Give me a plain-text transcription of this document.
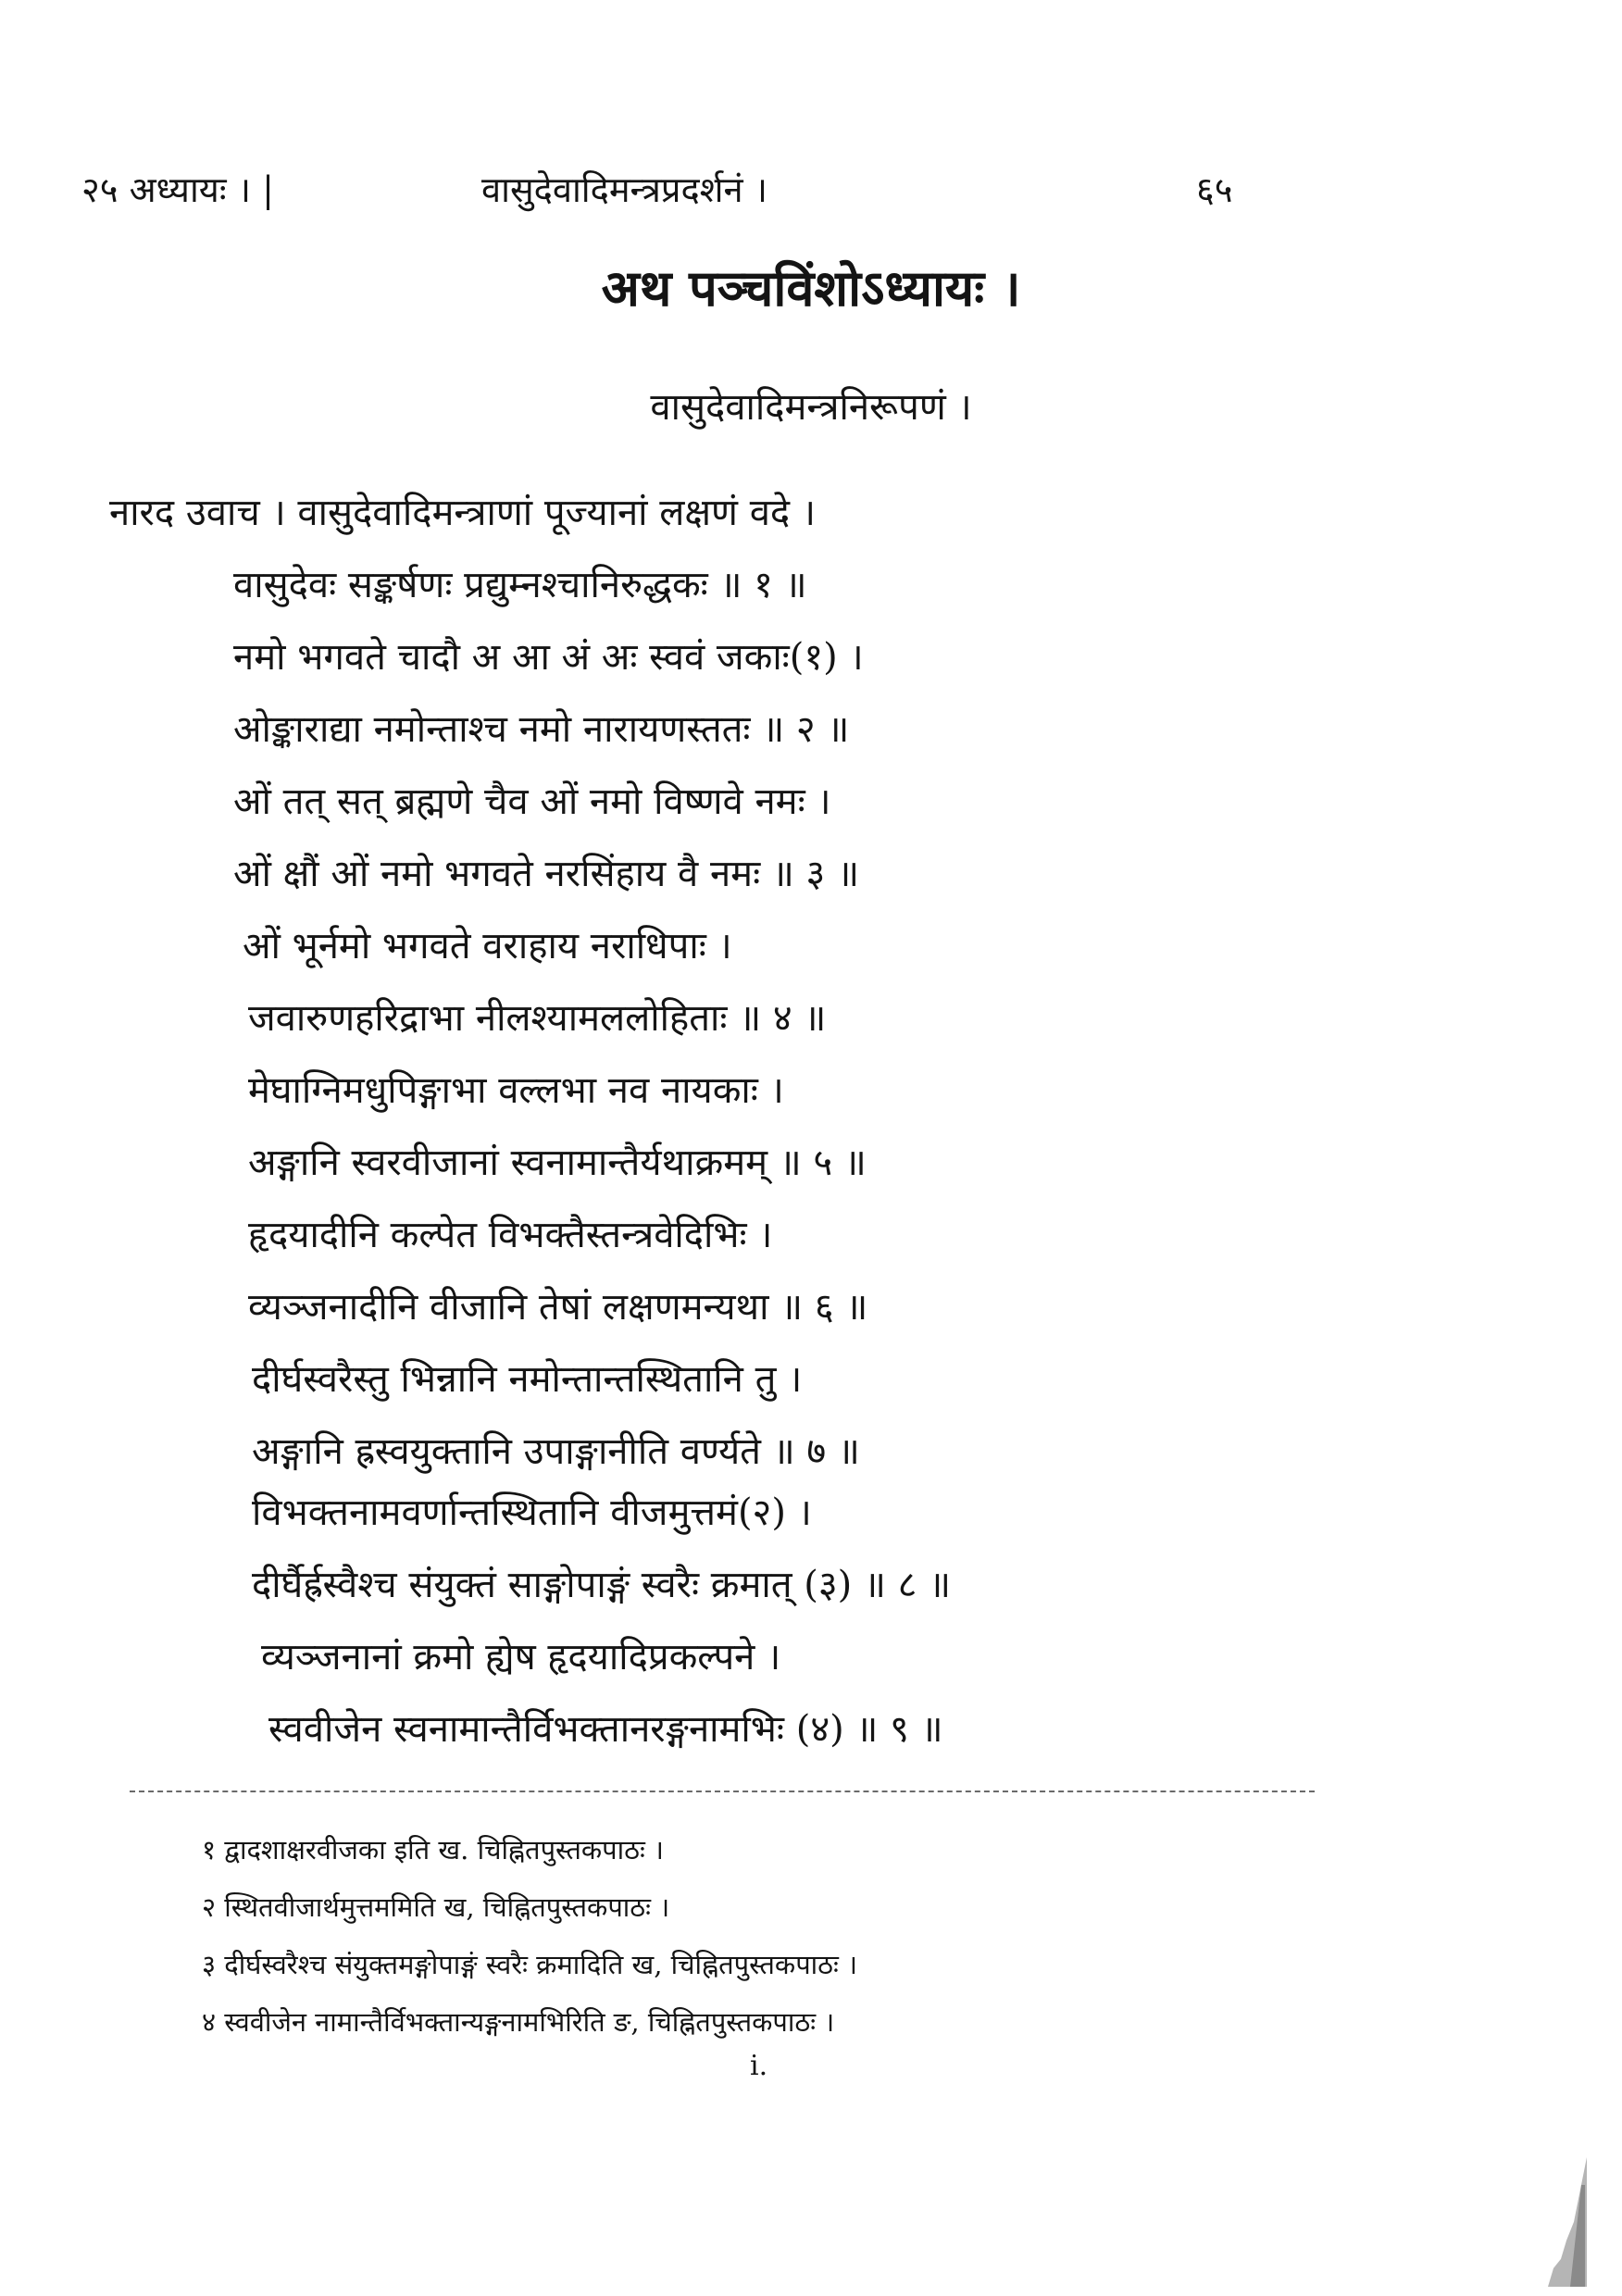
२५ अध्यायः । |	वासुदेवादिमन्त्रप्रदर्शनं ।	६५
अथ पञ्चविंशोऽध्यायः ।
वासुदेवादिमन्त्रनिरूपणं ।
नारद उवाच । वासुदेवादिमन्त्राणां पूज्यानां लक्षणं वदे ।
वासुदेवः सङ्कर्षणः प्रद्युम्नश्चानिरुद्धकः ॥ १ ॥
नमो भगवते चादौ अ आ अं अः स्ववं जकाः(१) ।
ओङ्काराद्या नमोन्ताश्च नमो नारायणस्ततः ॥ २ ॥
ओं तत् सत् ब्रह्मणे चैव ओं नमो विष्णवे नमः ।
ओं क्षौं ओं नमो भगवते नरसिंहाय वै नमः ॥ ३ ॥
ओं भूर्नमो भगवते वराहाय नराधिपाः ।
जवारुणहरिद्राभा नीलश्यामललोहिताः ॥ ४ ॥
मेघाग्निमधुपिङ्गाभा वल्लभा नव नायकाः ।
अङ्गानि स्वरवीजानां स्वनामान्तैर्यथाक्रमम् ॥ ५ ॥
हृदयादीनि कल्पेत विभक्तैस्तन्त्रवेदिभिः ।
व्यञ्जनादीनि वीजानि तेषां लक्षणमन्यथा ॥ ६ ॥
दीर्घस्वरैस्तु भिन्नानि नमोन्तान्तस्थितानि तु ।
अङ्गानि ह्रस्वयुक्तानि उपाङ्गानीति वर्ण्यते ॥ ७ ॥
विभक्तनामवर्णान्तस्थितानि वीजमुत्तमं(२) ।
दीर्घैर्ह्रस्वैश्च संयुक्तं साङ्गोपाङ्गं स्वरैः क्रमात् (३) ॥ ८ ॥
व्यञ्जनानां क्रमो ह्येष हृदयादिप्रकल्पने ।
स्ववीजेन स्वनामान्तैर्विभक्तानरङ्गनामभिः (४) ॥ ९ ॥
१ द्वादशाक्षरवीजका इति ख. चिह्नितपुस्तकपाठः ।
२ स्थितवीजार्थमुत्तममिति ख, चिह्नितपुस्तकपाठः ।
३ दीर्घस्वरैश्च संयुक्तमङ्गोपाङ्गं स्वरैः क्रमादिति ख, चिह्नितपुस्तकपाठः ।
४ स्ववीजेन नामान्तैर्विभक्तान्यङ्गनामभिरिति ङ, चिह्नितपुस्तकपाठः ।
i.
